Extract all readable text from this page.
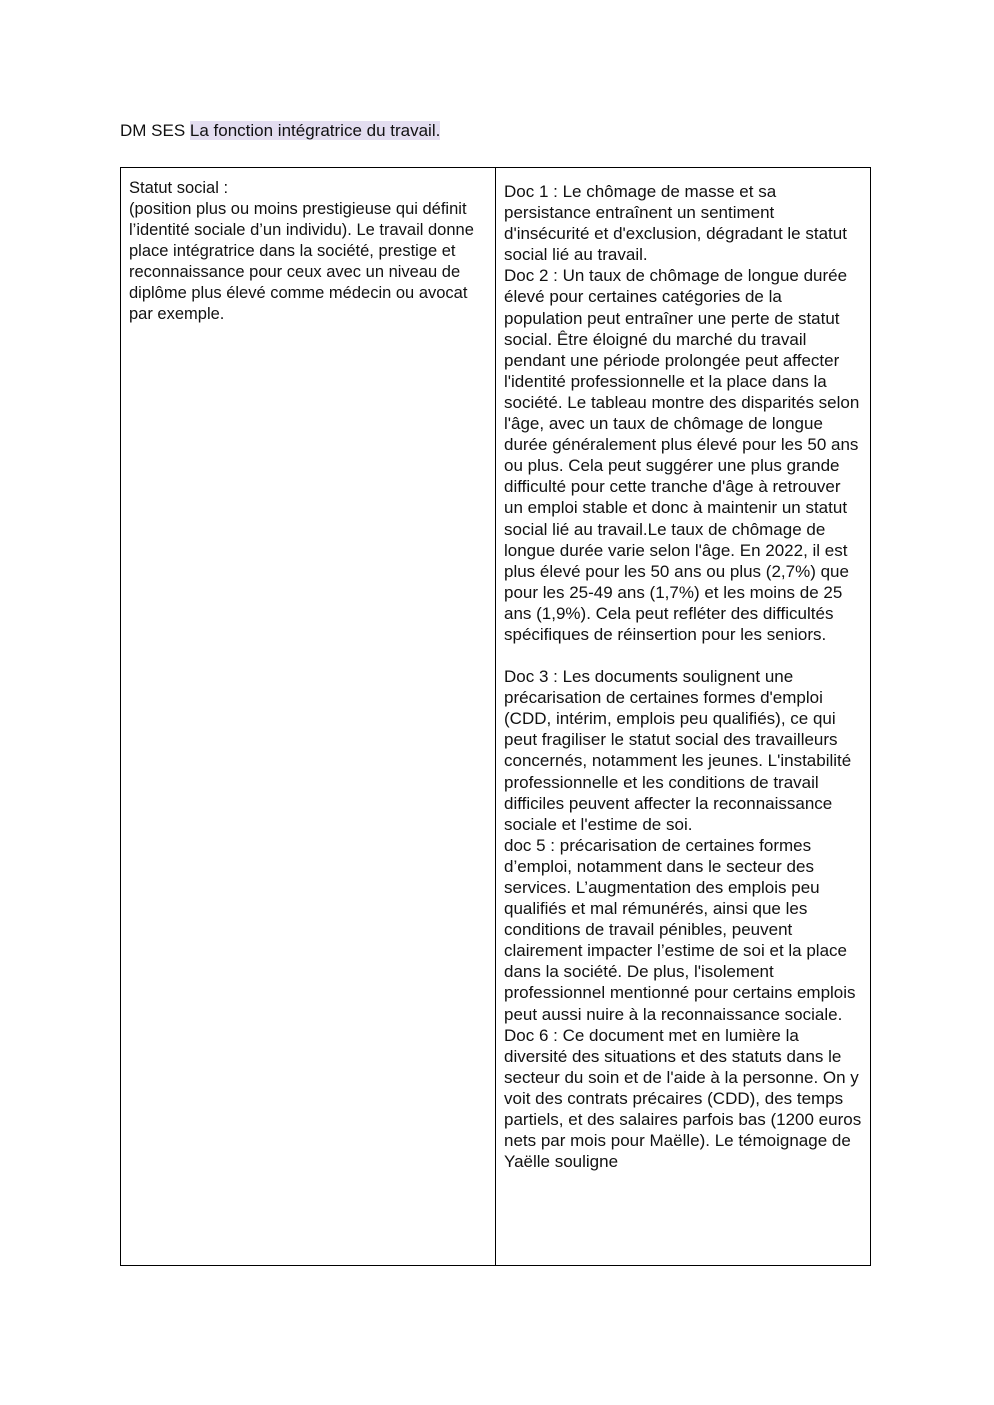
DM SES La fonction intégratrice du travail.
Statut social :
(position plus ou moins prestigieuse qui définit l’identité sociale d’un individu). Le travail donne place intégratrice dans la société, prestige et reconnaissance pour ceux avec un niveau de diplôme plus élevé comme médecin ou avocat par exemple.
Doc 1 : Le chômage de masse et sa persistance entraînent un sentiment d'insécurité et d'exclusion, dégradant le statut social lié au travail.
Doc 2 : Un taux de chômage de longue durée élevé pour certaines catégories de la population peut entraîner une perte de statut social. Être éloigné du marché du travail pendant une période prolongée peut affecter l'identité professionnelle et la place dans la société. Le tableau montre des disparités selon l'âge, avec un taux de chômage de longue durée généralement plus élevé pour les 50 ans ou plus. Cela peut suggérer une plus grande difficulté pour cette tranche d'âge à retrouver un emploi stable et donc à maintenir un statut social lié au travail.Le taux de chômage de longue durée varie selon l'âge. En 2022, il est plus élevé pour les 50 ans ou plus (2,7%) que pour les 25-49 ans (1,7%) et les moins de 25 ans (1,9%). Cela peut refléter des difficultés spécifiques de réinsertion pour les seniors.
Doc 3 : Les documents soulignent une précarisation de certaines formes d'emploi (CDD, intérim, emplois peu qualifiés), ce qui peut fragiliser le statut social des travailleurs concernés, notamment les jeunes. L'instabilité professionnelle et les conditions de travail difficiles peuvent affecter la reconnaissance sociale et l'estime de soi.
doc 5 : précarisation de certaines formes d’emploi, notamment dans le secteur des services. L’augmentation des emplois peu qualifiés et mal rémunérés, ainsi que les conditions de travail pénibles, peuvent clairement impacter l’estime de soi et la place dans la société. De plus, l'isolement professionnel mentionné pour certains emplois peut aussi nuire à la reconnaissance sociale.
Doc 6 : Ce document met en lumière la diversité des situations et des statuts dans le secteur du soin et de l'aide à la personne. On y voit des contrats précaires (CDD), des temps partiels, et des salaires parfois bas (1200 euros nets par mois pour Maëlle). Le témoignage de Yaëlle souligne
